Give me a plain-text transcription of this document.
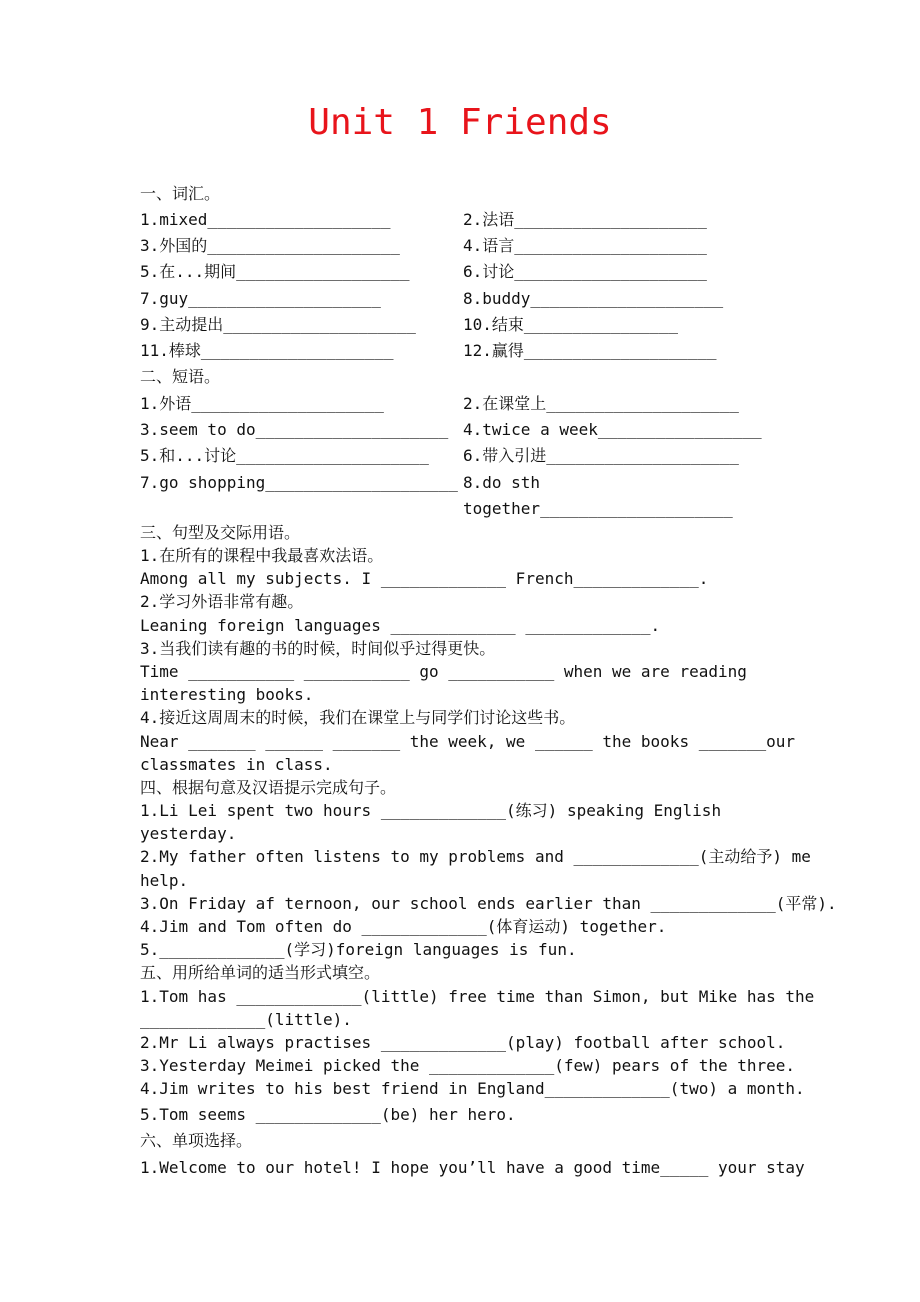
Unit 1 Friends
一、词汇。
1.mixed___________________	2.法语____________________
3.外国的____________________	4.语言____________________
5.在...期间__________________	6.讨论____________________
7.guy____________________	8.buddy____________________
9.主动提出____________________	10.结束________________
11.棒球____________________	12.赢得____________________
二、短语。
1.外语____________________	2.在课堂上____________________
3.seem to do____________________ 4.twice a week_________________
5.和...讨论____________________ 6.带入引进____________________
7.go shopping____________________ 8.do sth
together____________________
三、句型及交际用语。
1.在所有的课程中我最喜欢法语。
Among all my subjects. I _____________ French_____________.
2.学习外语非常有趣。
Leaning foreign languages _____________ _____________.
3.当我们读有趣的书的时候，时间似乎过得更快。
Time ___________ ___________ go ___________ when we are reading
interesting books.
4.接近这周周末的时候，我们在课堂上与同学们讨论这些书。
Near _______ ______ _______ the week, we ______ the books _______our
classmates in class.
四、根据句意及汉语提示完成句子。
1.Li Lei spent two hours _____________(练习) speaking English
yesterday.
2.My father often listens to my problems and _____________(主动给予) me
help.
3.On Friday af ternoon, our school ends earlier than _____________(平常).
4.Jim and Tom often do _____________(体育运动) together.
5._____________(学习)foreign languages is fun.
五、用所给单词的适当形式填空。
1.Tom has _____________(little) free time than Simon, but Mike has the
_____________(little).
2.Mr Li always practises _____________(play) football after school.
3.Yesterday Meimei picked the _____________(few) pears of the three.
4.Jim writes to his best friend in England_____________(two) a month.
5.Tom seems _____________(be) her hero.
六、单项选择。
1.Welcome to our hotel! I hope you’ll have a good time_____ your stay
